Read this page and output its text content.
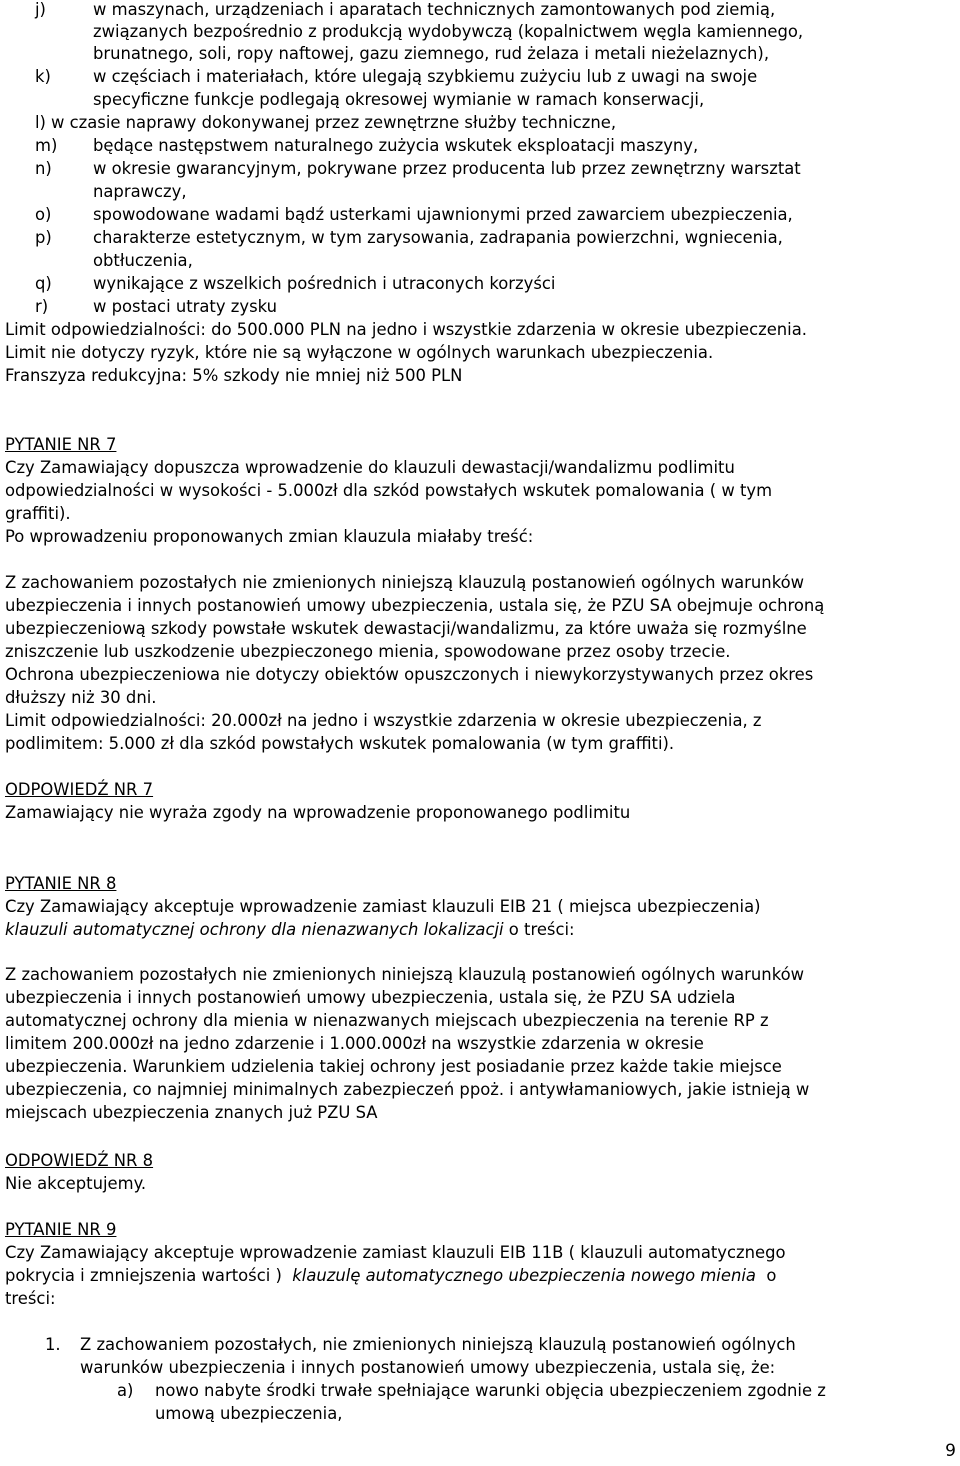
j)	w maszynach, urządzeniach i aparatach technicznych zamontowanych pod ziemią,
związanych bezpośrednio z produkcją wydobywczą (kopalnictwem węgla kamiennego,
brunatnego, soli, ropy naftowej, gazu ziemnego, rud żelaza i metali nieżelaznych),
k)	w częściach i materiałach, które ulegają szybkiemu zużyciu lub z uwagi na swoje
specyficzne funkcje podlegają okresowej wymianie w ramach konserwacji,
l) w czasie naprawy dokonywanej przez zewnętrzne służby techniczne,
m) będące następstwem naturalnego zużycia wskutek eksploatacji maszyny,
n)	w okresie gwarancyjnym, pokrywane przez producenta lub przez zewnętrzny warsztat
naprawczy,
o)	spowodowane wadami bądź usterkami ujawnionymi przed zawarciem ubezpieczenia,
p)	charakterze estetycznym, w tym zarysowania, zadrapania powierzchni, wgniecenia,
obtłuczenia,
q)	wynikające z wszelkich pośrednich i utraconych korzyści
r)	w postaci utraty zysku
Limit odpowiedzialności: do 500.000 PLN na jedno i wszystkie zdarzenia w okresie ubezpieczenia.
Limit nie dotyczy ryzyk, które nie są wyłączone w ogólnych warunkach ubezpieczenia.
Franszyza redukcyjna: 5% szkody nie mniej niż 500 PLN
PYTANIE NR 7
Czy Zamawiający dopuszcza wprowadzenie do klauzuli dewastacji/wandalizmu podlimitu
odpowiedzialności w wysokości - 5.000zł dla szkód powstałych wskutek pomalowania ( w tym
graffiti).
Po wprowadzeniu proponowanych zmian klauzula miałaby treść:
Z zachowaniem pozostałych nie zmienionych niniejszą klauzulą postanowień ogólnych warunków
ubezpieczenia i innych postanowień umowy ubezpieczenia, ustala się, że PZU SA obejmuje ochroną
ubezpieczeniową szkody powstałe wskutek dewastacji/wandalizmu, za które uważa się rozmyślne
zniszczenie lub uszkodzenie ubezpieczonego mienia, spowodowane przez osoby trzecie.
Ochrona ubezpieczeniowa nie dotyczy obiektów opuszczonych i niewykorzystywanych przez okres
dłuższy niż 30 dni.
Limit odpowiedzialności: 20.000zł na jedno i wszystkie zdarzenia w okresie ubezpieczenia, z
podlimitem: 5.000 zł dla szkód powstałych wskutek pomalowania (w tym graffiti).
ODPOWIEDŹ NR 7
Zamawiający nie wyraża zgody na wprowadzenie proponowanego podlimitu
PYTANIE NR 8
Czy Zamawiający akceptuje wprowadzenie zamiast klauzuli EIB 21 ( miejsca ubezpieczenia)
klauzuli automatycznej ochrony dla nienazwanych lokalizacji o treści:
Z zachowaniem pozostałych nie zmienionych niniejszą klauzulą postanowień ogólnych warunków
ubezpieczenia i innych postanowień umowy ubezpieczenia, ustala się, że PZU SA udziela
automatycznej ochrony dla mienia w nienazwanych miejscach ubezpieczenia na terenie RP z
limitem 200.000zł na jedno zdarzenie i 1.000.000zł na wszystkie zdarzenia w okresie
ubezpieczenia. Warunkiem udzielenia takiej ochrony jest posiadanie przez każde takie miejsce
ubezpieczenia, co najmniej minimalnych zabezpieczeń ppoż. i antywłamaniowych, jakie istnieją w
miejscach ubezpieczenia znanych już PZU SA
ODPOWIEDŹ NR 8
Nie akceptujemy.
PYTANIE NR 9
Czy Zamawiający akceptuje wprowadzenie zamiast klauzuli EIB 11B ( klauzuli automatycznego
pokrycia i zmniejszenia wartości )  klauzulę automatycznego ubezpieczenia nowego mienia  o
treści:
1. Z zachowaniem pozostałych, nie zmienionych niniejszą klauzulą postanowień ogólnych
warunków ubezpieczenia i innych postanowień umowy ubezpieczenia, ustala się, że:
a) nowo nabyte środki trwałe spełniające warunki objęcia ubezpieczeniem zgodnie z
umową ubezpieczenia,
9
